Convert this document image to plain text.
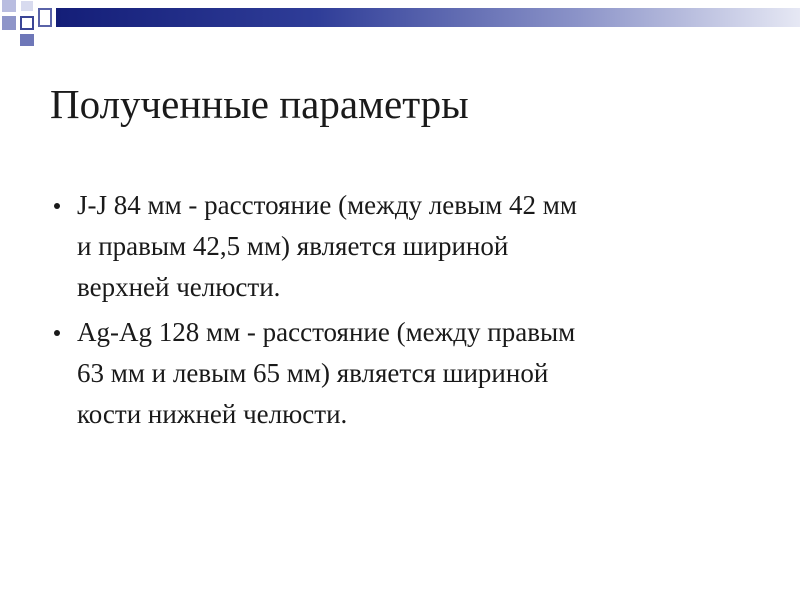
Полученные параметры
J-J 84 мм - расстояние (между левым 42 мм
и правым 42,5 мм) является шириной
верхней челюсти.
Ag-Ag 128 мм - расстояние (между правым
63 мм и левым 65 мм) является шириной
кости нижней челюсти.
